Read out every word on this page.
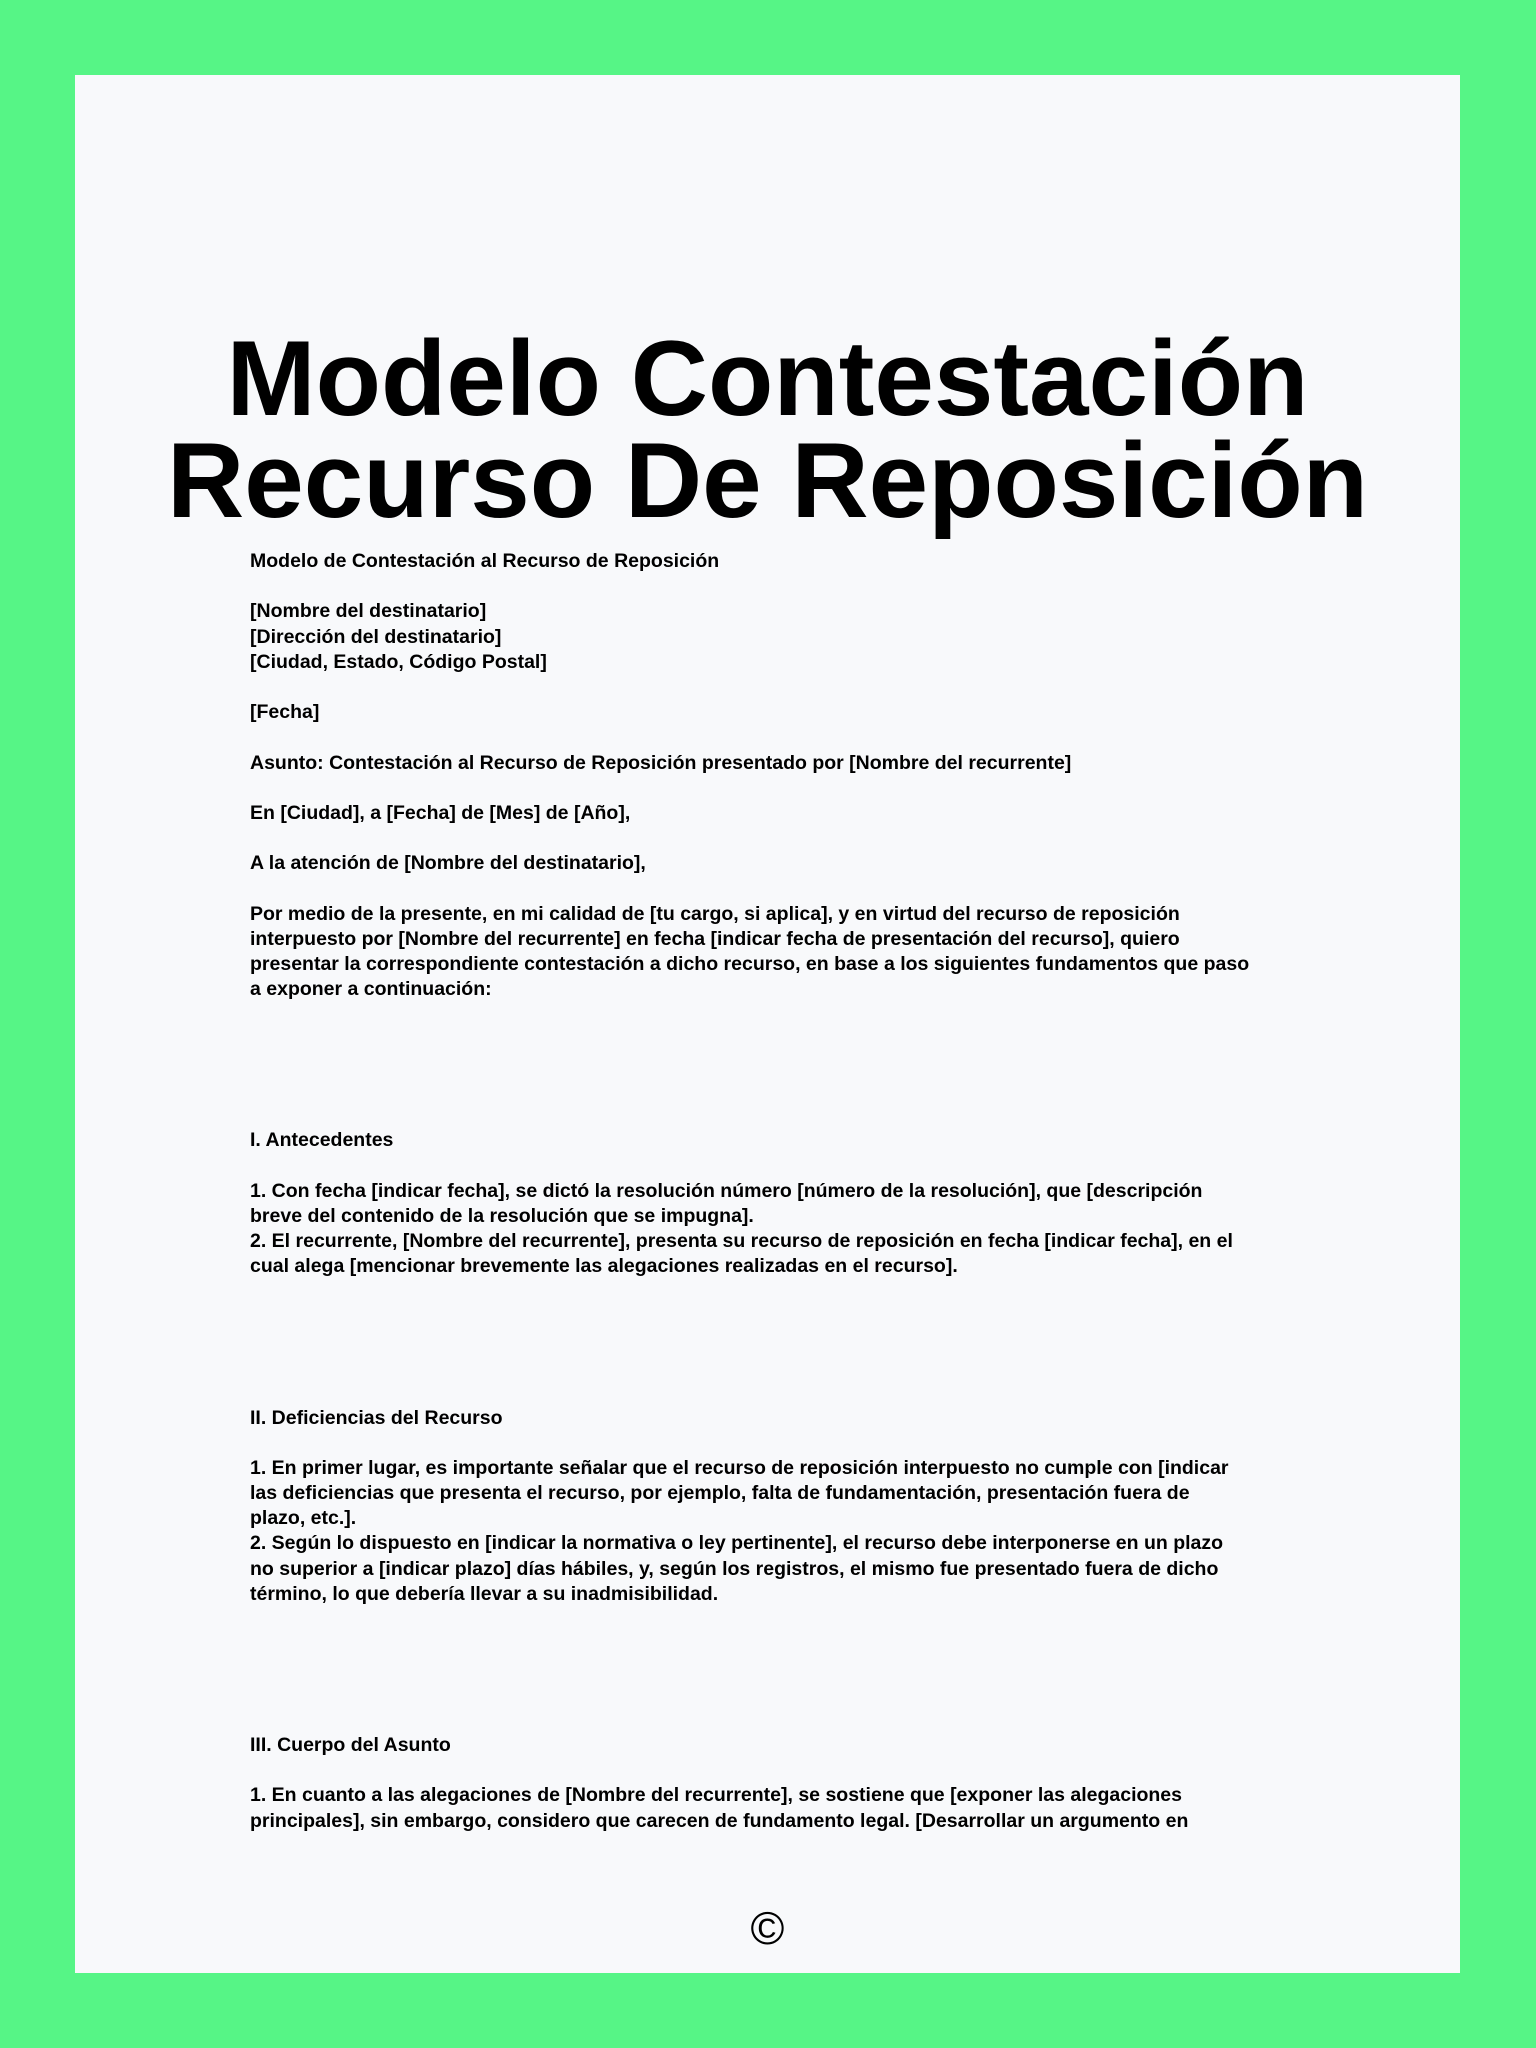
Modelo Contestación
Recurso De Reposición
Modelo de Contestación al Recurso de Reposición
[Nombre del destinatario]
[Dirección del destinatario]
[Ciudad, Estado, Código Postal]
[Fecha]
Asunto: Contestación al Recurso de Reposición presentado por [Nombre del recurrente]
En [Ciudad], a [Fecha] de [Mes] de [Año],
A la atención de [Nombre del destinatario],
Por medio de la presente, en mi calidad de [tu cargo, si aplica], y en virtud del recurso de reposición
interpuesto por [Nombre del recurrente] en fecha [indicar fecha de presentación del recurso], quiero
presentar la correspondiente contestación a dicho recurso, en base a los siguientes fundamentos que paso
a exponer a continuación:
I. Antecedentes
1. Con fecha [indicar fecha], se dictó la resolución número [número de la resolución], que [descripción
breve del contenido de la resolución que se impugna].
2. El recurrente, [Nombre del recurrente], presenta su recurso de reposición en fecha [indicar fecha], en el
cual alega [mencionar brevemente las alegaciones realizadas en el recurso].
II. Deficiencias del Recurso
1. En primer lugar, es importante señalar que el recurso de reposición interpuesto no cumple con [indicar
las deficiencias que presenta el recurso, por ejemplo, falta de fundamentación, presentación fuera de
plazo, etc.].
2. Según lo dispuesto en [indicar la normativa o ley pertinente], el recurso debe interponerse en un plazo
no superior a [indicar plazo] días hábiles, y, según los registros, el mismo fue presentado fuera de dicho
término, lo que debería llevar a su inadmisibilidad.
III. Cuerpo del Asunto
1. En cuanto a las alegaciones de [Nombre del recurrente], se sostiene que [exponer las alegaciones
principales], sin embargo, considero que carecen de fundamento legal. [Desarrollar un argumento en
©
